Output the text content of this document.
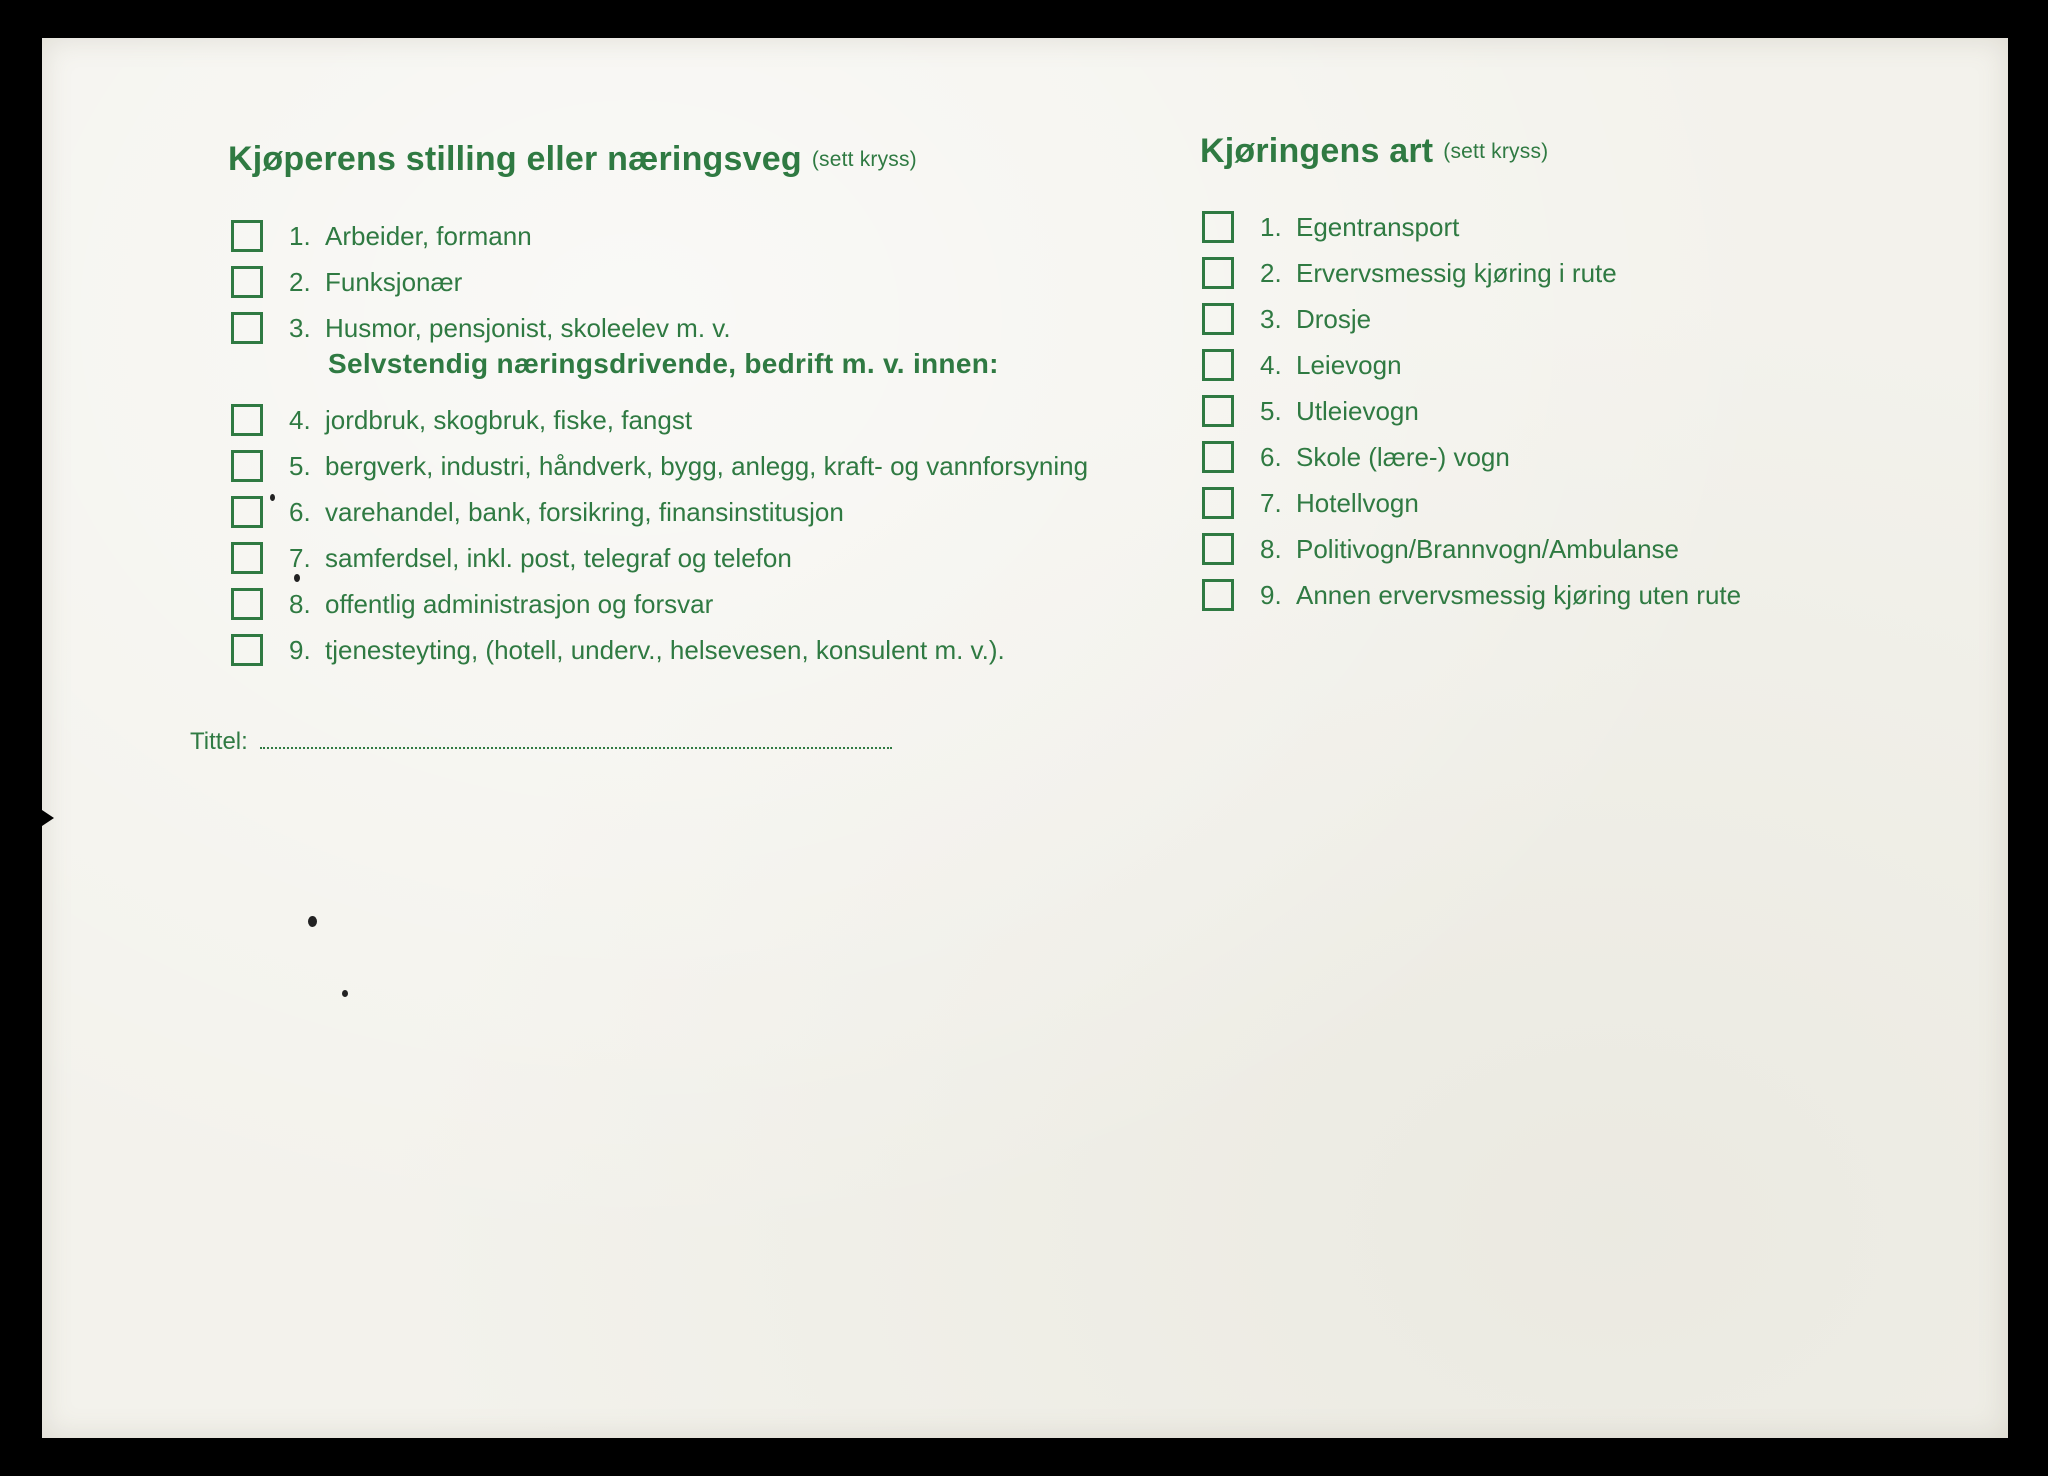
Kjøperens stilling eller næringsveg (sett kryss)
1. Arbeider, formann
2. Funksjonær
3. Husmor, pensjonist, skoleelev m. v.
Selvstendig næringsdrivende, bedrift m. v. innen:
4. jordbruk, skogbruk, fiske, fangst
5. bergverk, industri, håndverk, bygg, anlegg, kraft- og vannforsyning
6. varehandel, bank, forsikring, finansinstitusjon
7. samferdsel, inkl. post, telegraf og telefon
8. offentlig administrasjon og forsvar
9. tjenesteyting, (hotell, underv., helsevesen, konsulent m. v.).
Tittel:
Kjøringens art (sett kryss)
1. Egentransport
2. Ervervsmessig kjøring i rute
3. Drosje
4. Leievogn
5. Utleievogn
6. Skole (lære-) vogn
7. Hotellvogn
8. Politivogn/Brannvogn/Ambulanse
9. Annen ervervsmessig kjøring uten rute
